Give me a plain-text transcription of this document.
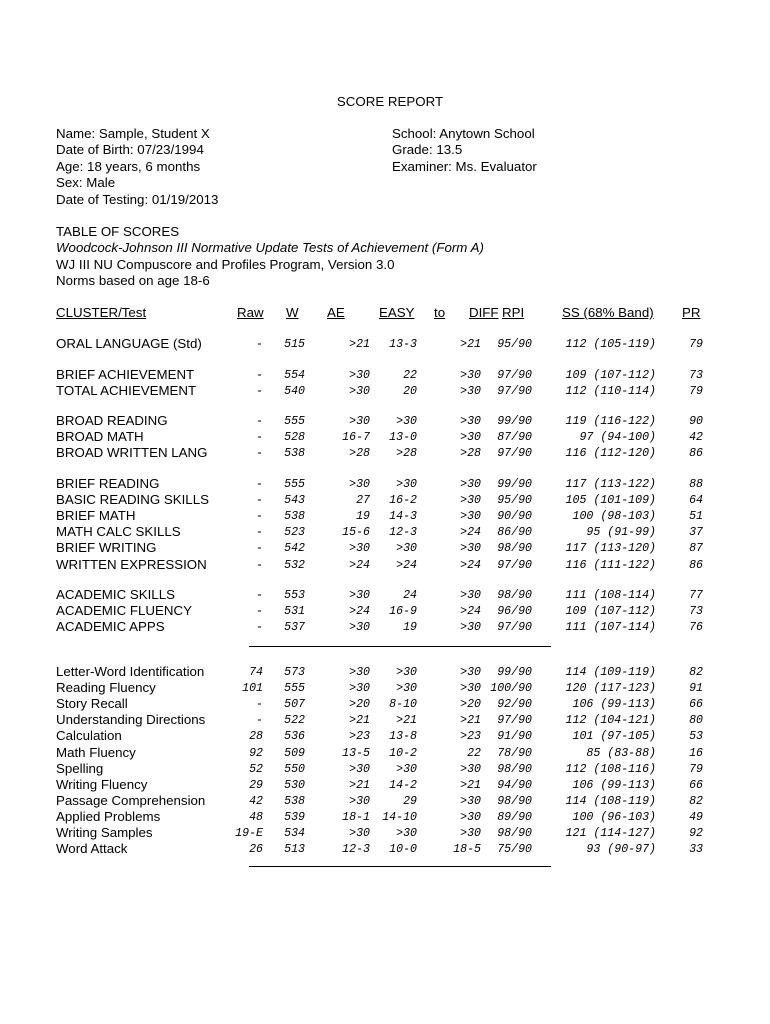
SCORE REPORT
Name: Sample, Student X
Date of Birth: 07/23/1994
Age: 18 years, 6 months
Sex: Male
Date of Testing: 01/19/2013
School: Anytown School
Grade: 13.5
Examiner: Ms. Evaluator
TABLE OF SCORES
Woodcock-Johnson III Normative Update Tests of Achievement (Form A)
WJ III NU Compuscore and Profiles Program, Version 3.0
Norms based on age 18-6
CLUSTER/Test	Raw W AE	EASY to DIFF RPI	SS (68% Band) PR
ORAL LANGUAGE (Std)	- 515	>21	13-3	>21 95/90	112 (105-119)	79
BRIEF ACHIEVEMENT	- 554	>30	22	>30 97/90	109 (107-112)	73
TOTAL ACHIEVEMENT	- 540	>30	20	>30 97/90	112 (110-114)	79
BROAD READING	- 555	>30	>30	>30 99/90	119 (116-122)	90
BROAD MATH	- 528	16-7	13-0	>30 87/90	97 (94-100)	42
BROAD WRITTEN LANG	- 538	>28	>28	>28 97/90	116 (112-120)	86
BRIEF READING	- 555	>30	>30	>30 99/90	117 (113-122)	88
BASIC READING SKILLS	- 543	27	16-2	>30 95/90	105 (101-109)	64
BRIEF MATH	- 538	19	14-3	>30 90/90	100 (98-103)	51
MATH CALC SKILLS	- 523	15-6	12-3	>24 86/90	95 (91-99)	37
BRIEF WRITING	- 542	>30	>30	>30 98/90	117 (113-120)	87
WRITTEN EXPRESSION	- 532	>24	>24	>24 97/90	116 (111-122)	86
ACADEMIC SKILLS	- 553	>30	24	>30 98/90	111 (108-114)	77
ACADEMIC FLUENCY	- 531	>24	16-9	>24 96/90	109 (107-112)	73
ACADEMIC APPS	- 537	>30	19	>30 97/90	111 (107-114)	76
Letter-Word Identification	74 573	>30	>30	>30 99/90	114 (109-119)	82
Reading Fluency	101 555	>30	>30	>30 100/90	120 (117-123)	91
Story Recall	- 507	>20	8-10	>20 92/90	106 (99-113)	66
Understanding Directions	- 522	>21	>21	>21 97/90	112 (104-121)	80
Calculation	28 536	>23	13-8	>23 91/90	101 (97-105)	53
Math Fluency	92 509	13-5	10-2	22 78/90	85 (83-88)	16
Spelling	52 550	>30	>30	>30 98/90	112 (108-116)	79
Writing Fluency	29 530	>21	14-2	>21 94/90	106 (99-113)	66
Passage Comprehension	42 538	>30	29	>30 98/90	114 (108-119)	82
Applied Problems	48 539	18-1	14-10	>30 89/90	100 (96-103)	49
Writing Samples	19-E 534	>30	>30	>30 98/90	121 (114-127)	92
Word Attack	26 513	12-3	10-0	18-5 75/90	93 (90-97)	33
